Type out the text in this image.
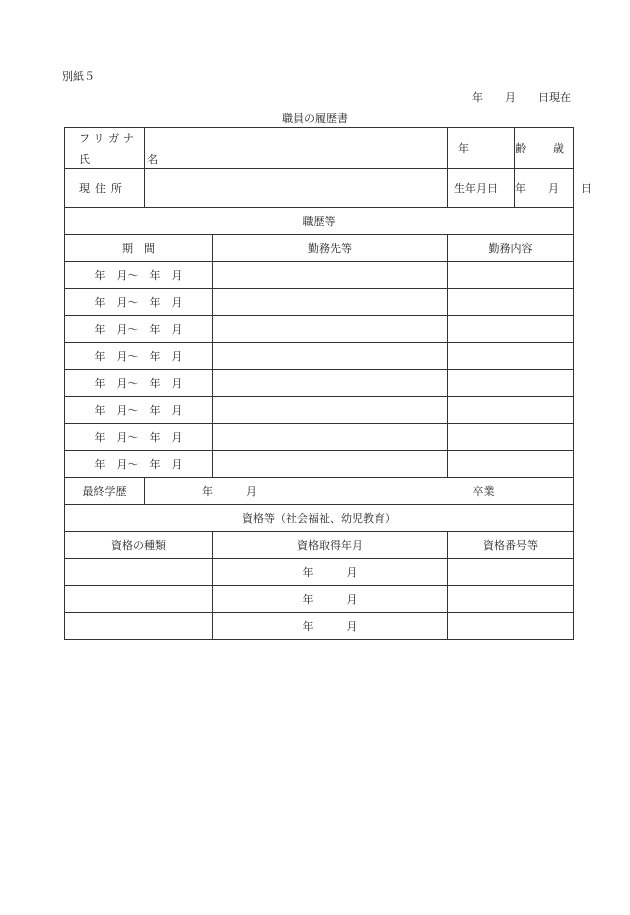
別紙５
年　　月　　日現在
職員の履歴書
フリガナ
氏　名			年　齢	歳
現住所			生年月日	年　　月　　日
職歴等				
期　間		勤務先等	勤務内容	
年　月～　年　月				
年　月～　年　月				
年　月～　年　月				
年　月～　年　月				
年　月～　年　月				
年　月～　年　月				
年　月～　年　月				
年　月～　年　月				
最終学歴	年　　　月 卒業			
資格等（社会福祉、幼児教育）				
資格の種類		資格取得年月	資格番号等	
		年　　　月		
		年　　　月		
		年　　　月		
